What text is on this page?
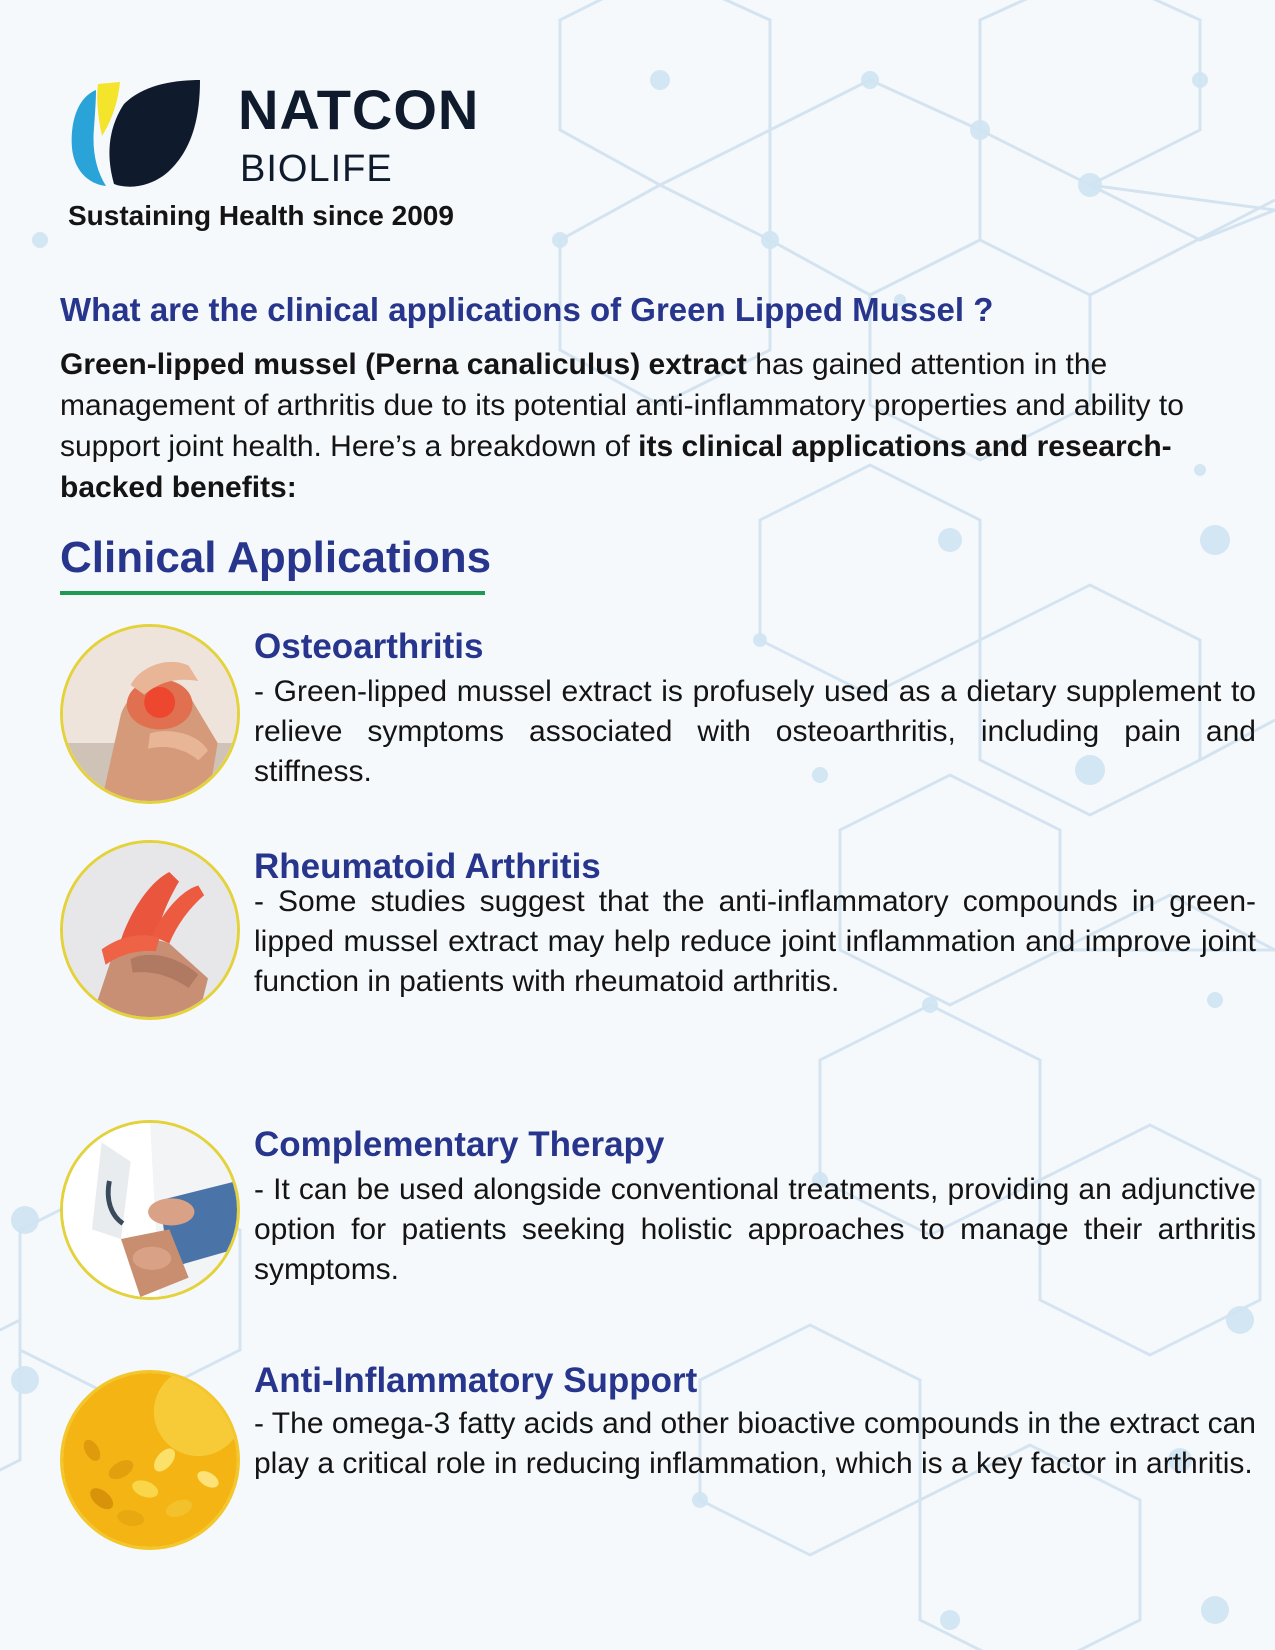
NATCON
BIOLIFE
Sustaining Health since 2009
What are the clinical applications of Green Lipped Mussel ?
Green-lipped mussel (Perna canaliculus) extract has gained attention in the management of arthritis due to its potential anti-inflammatory properties and ability to support joint health. Here’s a breakdown of its clinical applications and research-backed benefits:
Clinical Applications
Osteoarthritis
- Green-lipped mussel extract is profusely used as a dietary supplement to relieve symptoms associated with osteoarthritis, including pain and stiffness.
Rheumatoid Arthritis
- Some studies suggest that the anti-inflammatory compounds in green-lipped mussel extract may help reduce joint inflammation and improve joint function in patients with rheumatoid arthritis.
Complementary Therapy
- It can be used alongside conventional treatments, providing an adjunctive option for patients seeking holistic approaches to manage their arthritis symptoms.
Anti-Inflammatory Support
- The omega-3 fatty acids and other bioactive compounds in the extract can play a critical role in reducing inflammation, which is a key factor in arthritis.
